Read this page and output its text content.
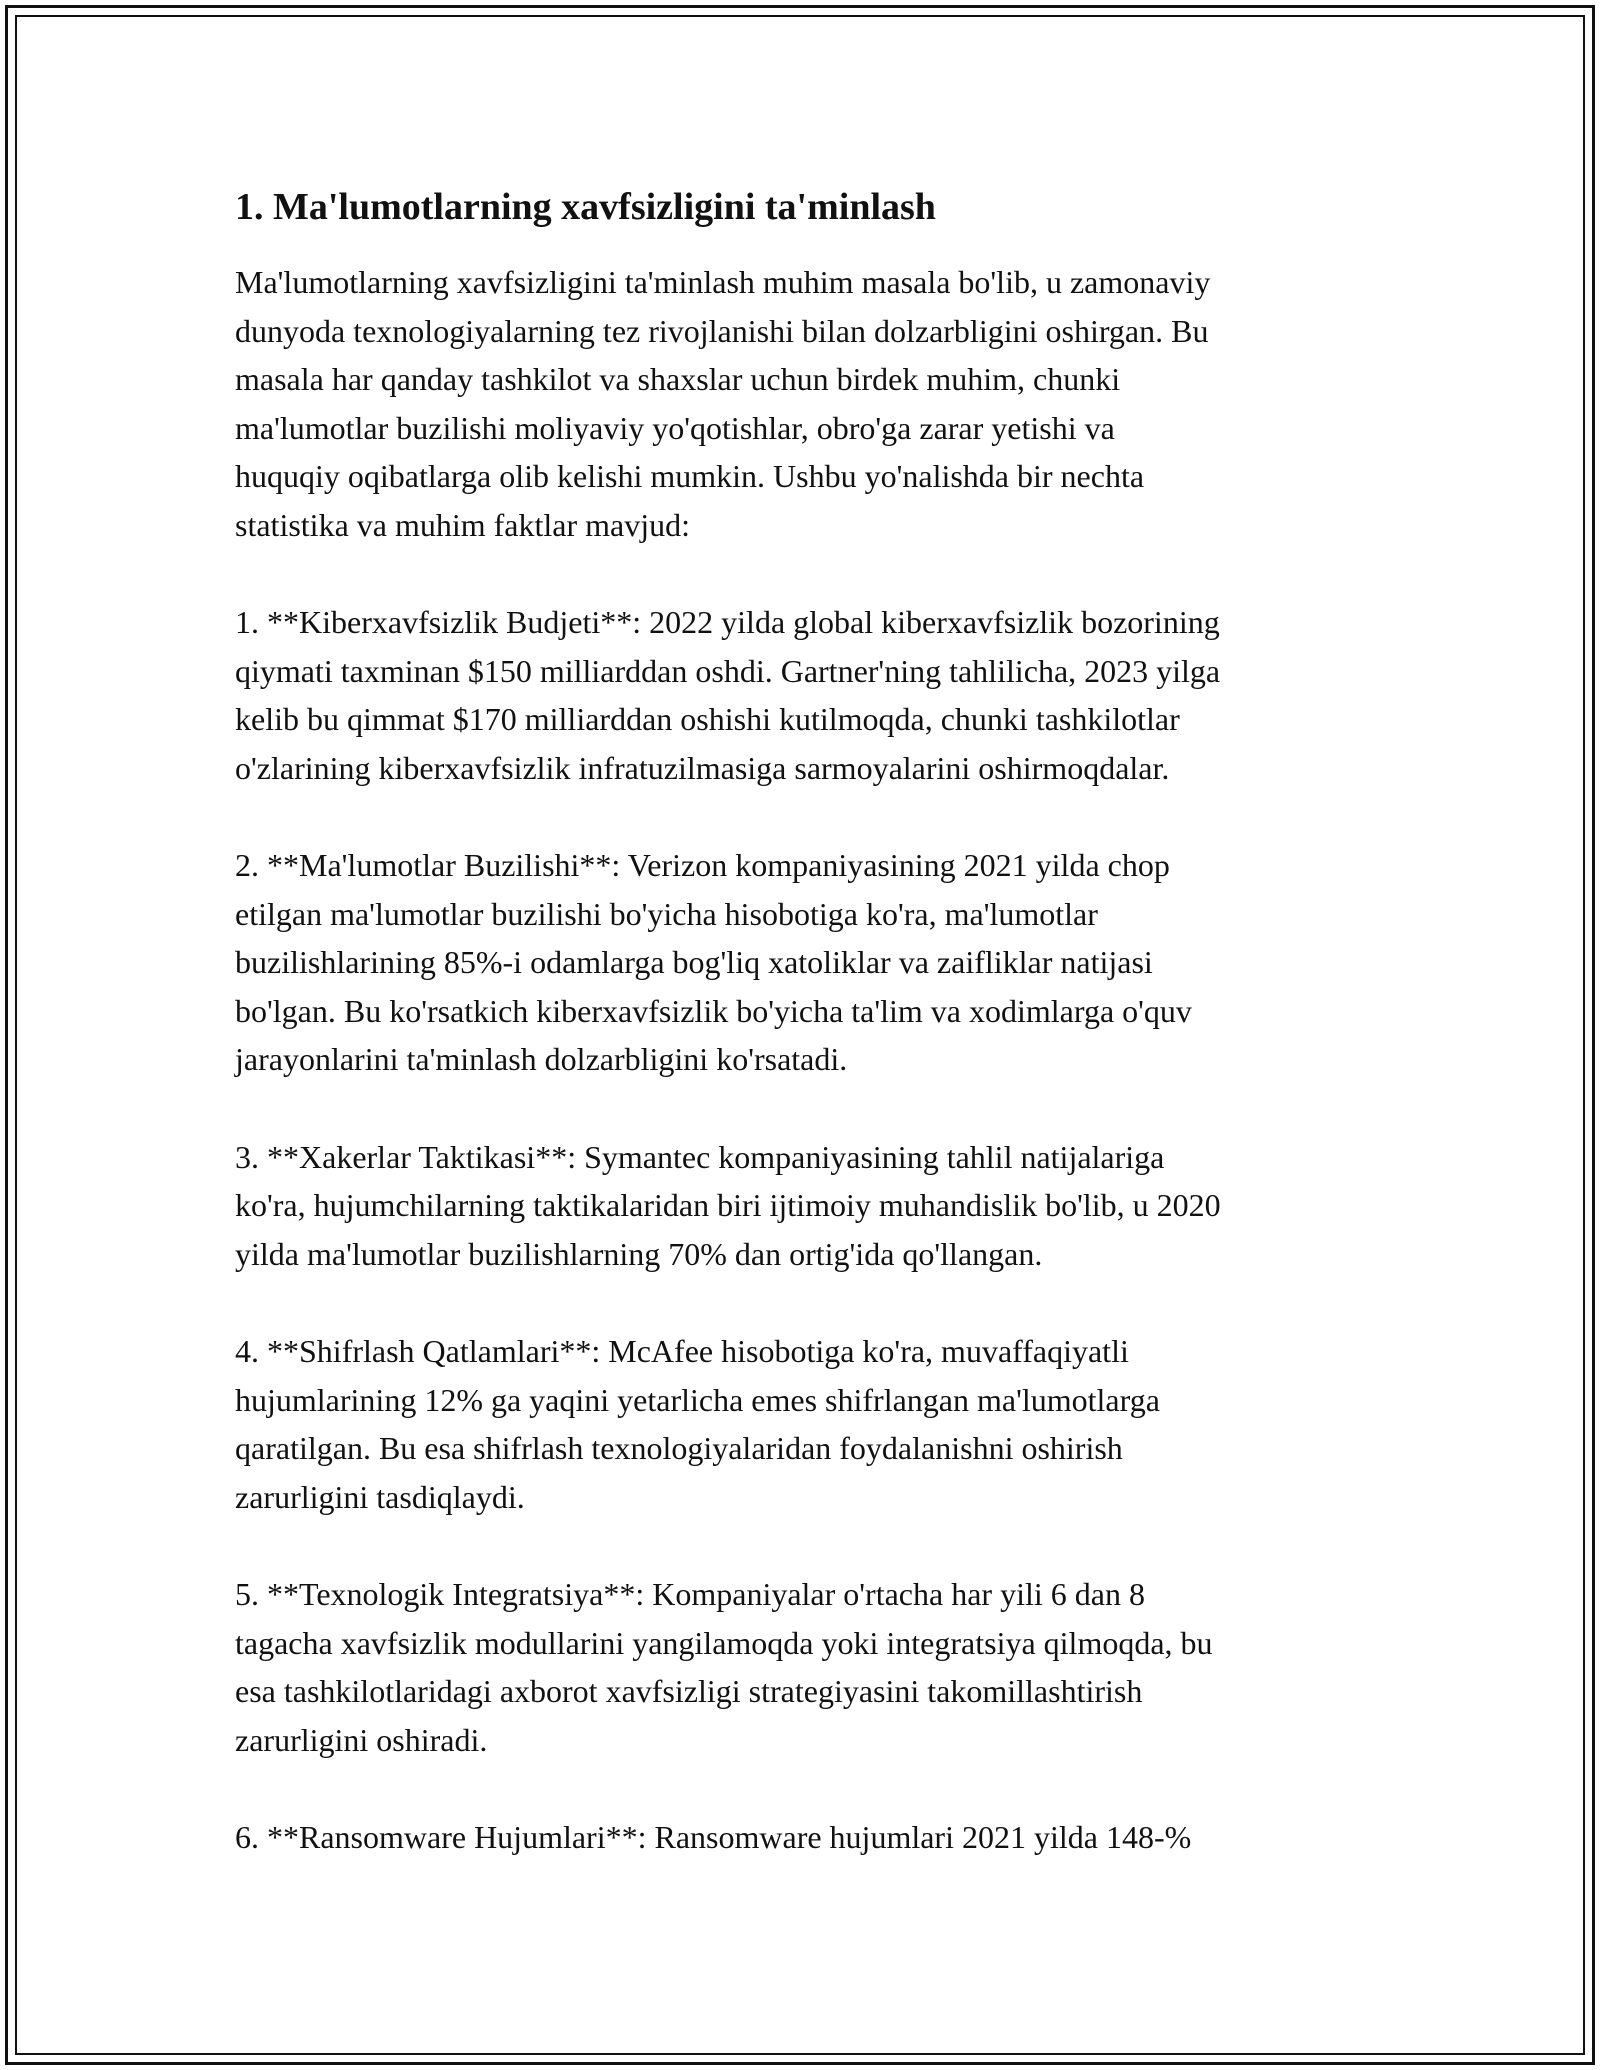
1. Ma'lumotlarning xavfsizligini ta'minlash

Ma'lumotlarning xavfsizligini ta'minlash muhim masala bo'lib, u zamonaviy
dunyoda texnologiyalarning tez rivojlanishi bilan dolzarbligini oshirgan. Bu
masala har qanday tashkilot va shaxslar uchun birdek muhim, chunki
ma'lumotlar buzilishi moliyaviy yo'qotishlar, obro'ga zarar yetishi va
huquqiy oqibatlarga olib kelishi mumkin. Ushbu yo'nalishda bir nechta
statistika va muhim faktlar mavjud:

1. **Kiberxavfsizlik Budjeti**: 2022 yilda global kiberxavfsizlik bozorining
qiymati taxminan $150 milliarddan oshdi. Gartner'ning tahlilicha, 2023 yilga
kelib bu qimmat $170 milliarddan oshishi kutilmoqda, chunki tashkilotlar
o'zlarining kiberxavfsizlik infratuzilmasiga sarmoyalarini oshirmoqdalar.

2. **Ma'lumotlar Buzilishi**: Verizon kompaniyasining 2021 yilda chop
etilgan ma'lumotlar buzilishi bo'yicha hisobotiga ko'ra, ma'lumotlar
buzilishlarining 85%-i odamlarga bog'liq xatoliklar va zaifliklar natijasi
bo'lgan. Bu ko'rsatkich kiberxavfsizlik bo'yicha ta'lim va xodimlarga o'quv
jarayonlarini ta'minlash dolzarbligini ko'rsatadi.

3. **Xakerlar Taktikasi**: Symantec kompaniyasining tahlil natijalariga
ko'ra, hujumchilarning taktikalaridan biri ijtimoiy muhandislik bo'lib, u 2020
yilda ma'lumotlar buzilishlarning 70% dan ortig'ida qo'llangan.

4. **Shifrlash Qatlamlari**: McAfee hisobotiga ko'ra, muvaffaqiyatli
hujumlarining 12% ga yaqini yetarlicha emes shifrlangan ma'lumotlarga
qaratilgan. Bu esa shifrlash texnologiyalaridan foydalanishni oshirish
zarurligini tasdiqlaydi.

5. **Texnologik Integratsiya**: Kompaniyalar o'rtacha har yili 6 dan 8
tagacha xavfsizlik modullarini yangilamoqda yoki integratsiya qilmoqda, bu
esa tashkilotlaridagi axborot xavfsizligi strategiyasini takomillashtirish
zarurligini oshiradi.

6. **Ransomware Hujumlari**: Ransomware hujumlari 2021 yilda 148-%
